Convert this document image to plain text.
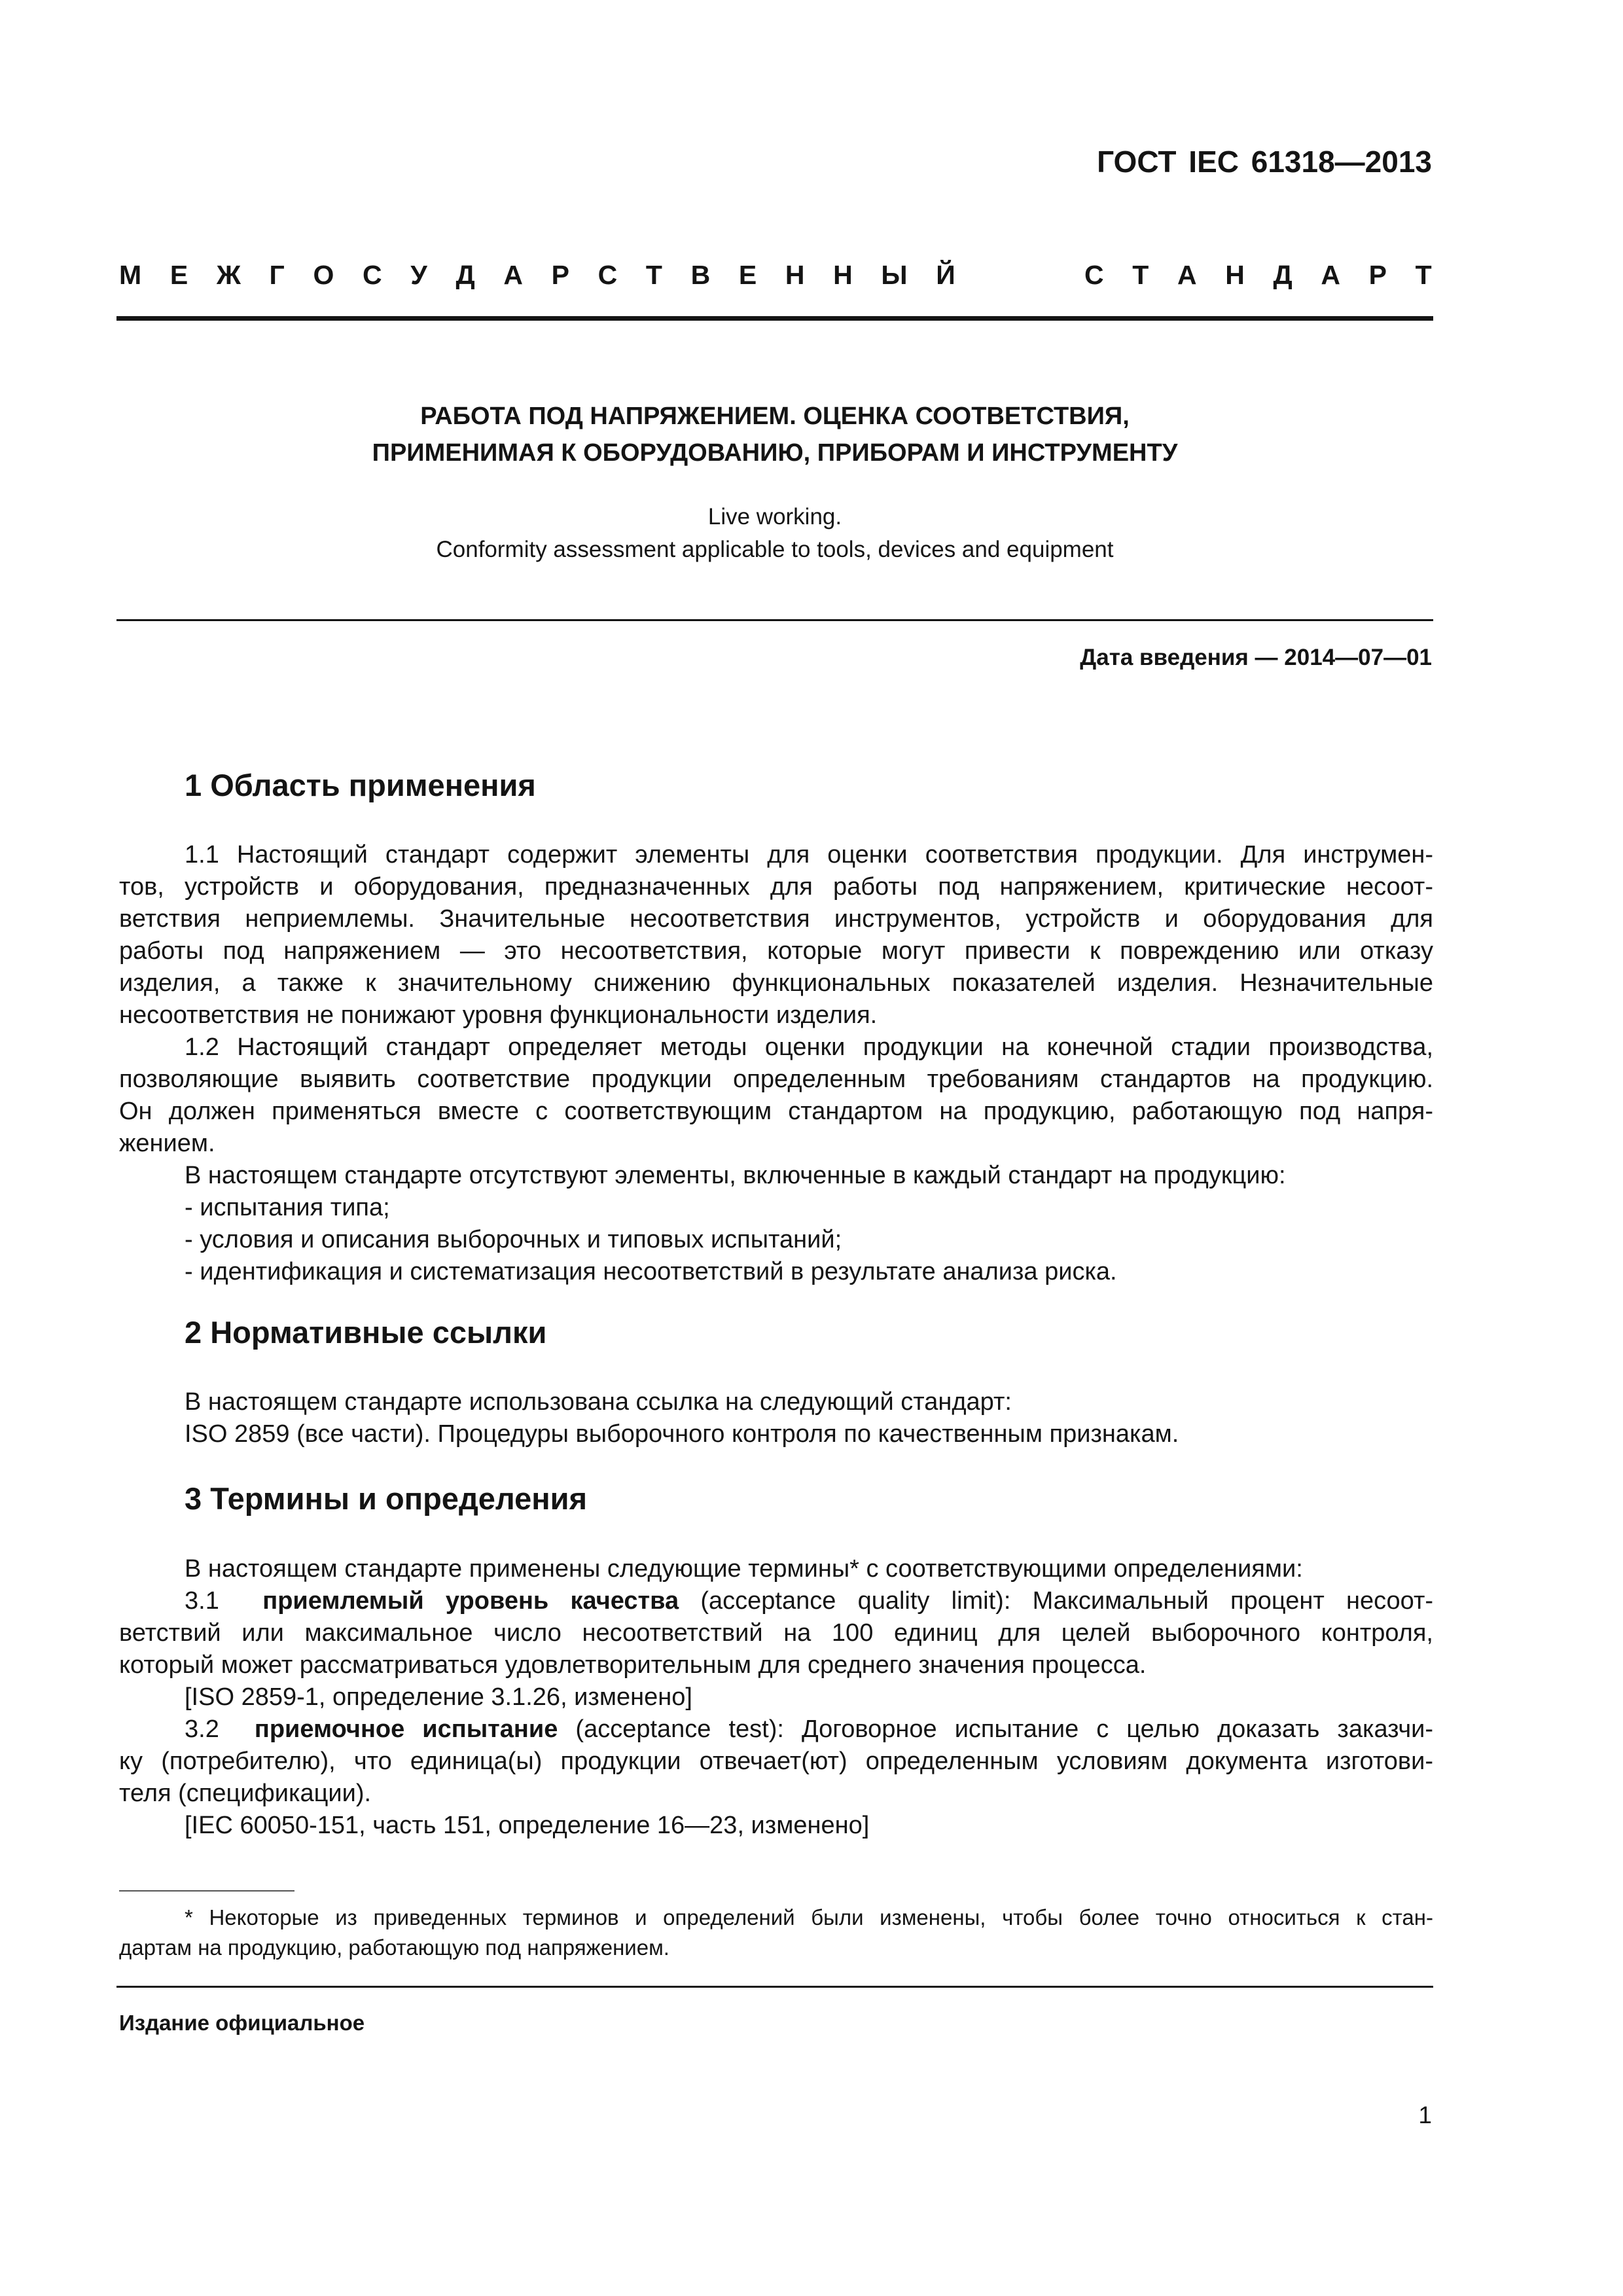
ГОСТ IEC 61318—2013
М Е Ж Г О С У Д А Р С Т В Е Н Н Ы Й	С Т А Н Д А Р Т
РАБОТА ПОД НАПРЯЖЕНИЕМ. ОЦЕНКА СООТВЕТСТВИЯ,
ПРИМЕНИМАЯ К ОБОРУДОВАНИЮ, ПРИБОРАМ И ИНСТРУМЕНТУ
Live working.
Conformity assessment applicable to tools, devices and equipment
Дата введения — 2014—07—01
1 Область применения

1.1 Настоящий стандарт содержит элементы для оценки соответствия продукции. Для инструмен-

тов, устройств и оборудования, предназначенных для работы под напряжением, критические несоот-

ветствия неприемлемы. Значительные несоответствия инструментов, устройств и оборудования для

работы под напряжением — это несоответствия, которые могут привести к повреждению или отказу

изделия, а также к значительному снижению функциональных показателей изделия. Незначительные

несоответствия не понижают уровня функциональности изделия.

1.2 Настоящий стандарт определяет методы оценки продукции на конечной стадии производства,

позволяющие выявить соответствие продукции определенным требованиям стандартов на продукцию.

Он должен применяться вместе с соответствующим стандартом на продукцию, работающую под напря-

жением.

В настоящем стандарте отсутствуют элементы, включенные в каждый стандарт на продукцию:

- испытания типа;

- условия и описания выборочных и типовых испытаний;

- идентификация и систематизация несоответствий в результате анализа риска.

2 Нормативные ссылки

В настоящем стандарте использована ссылка на следующий стандарт:

ISO 2859 (все части). Процедуры выборочного контроля по качественным признакам.

3 Термины и определения

В настоящем стандарте применены следующие термины* с соответствующими определениями:

3.1 приемлемый уровень качества (acceptance quality limit): Максимальный процент несоот-

ветствий или максимальное число несоответствий на 100 единиц для целей выборочного контроля,

который может рассматриваться удовлетворительным для среднего значения процесса.

[ISO 2859-1, определение 3.1.26, изменено]

3.2 приемочное испытание (acceptance test): Договорное испытание с целью доказать заказчи-

ку (потребителю), что единица(ы) продукции отвечает(ют) определенным условиям документа изготови-

теля (спецификации).

[IEC 60050-151, часть 151, определение 16—23, изменено]

* Некоторые из приведенных терминов и определений были изменены, чтобы более точно относиться к стан-

дартам на продукцию, работающую под напряжением.

Издание официальное
1
